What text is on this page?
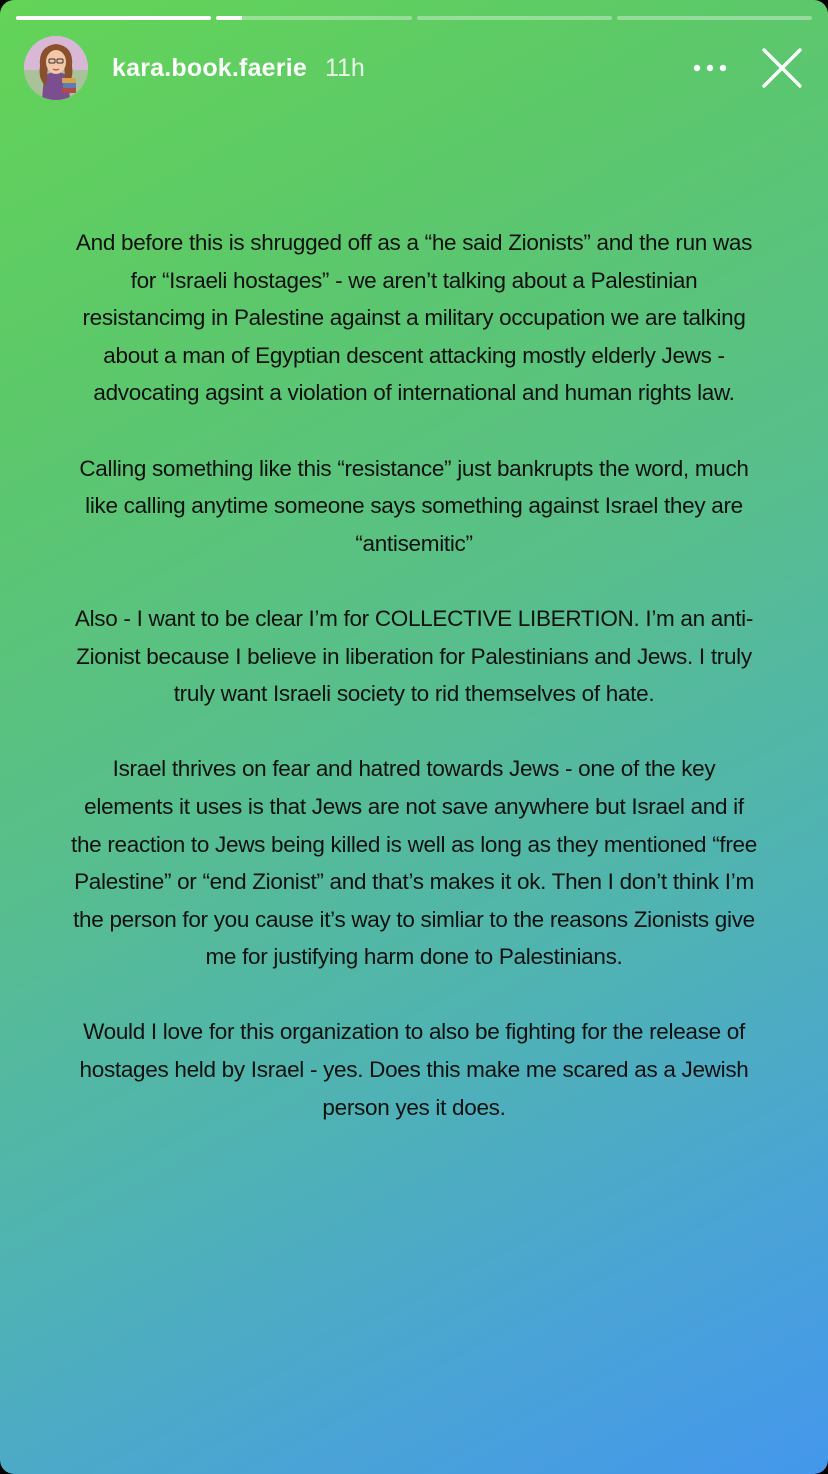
kara.book.faerie 11h

And before this is shrugged off as a “he said Zionists” and the run was for “Israeli hostages” - we aren’t talking about a Palestinian resistancimg in Palestine against a military occupation we are talking about a man of Egyptian descent attacking mostly elderly Jews - advocating agsint a violation of international and human rights law.

Calling something like this “resistance” just bankrupts the word, much like calling anytime someone says something against Israel they are “antisemitic”

Also - I want to be clear I’m for COLLECTIVE LIBERTION. I’m an anti-Zionist because I believe in liberation for Palestinians and Jews. I truly truly want Israeli society to rid themselves of hate.

Israel thrives on fear and hatred towards Jews - one of the key elements it uses is that Jews are not save anywhere but Israel and if the reaction to Jews being killed is well as long as they mentioned “free Palestine” or “end Zionist” and that’s makes it ok. Then I don’t think I’m the person for you cause it’s way to simliar to the reasons Zionists give me for justifying harm done to Palestinians.

Would I love for this organization to also be fighting for the release of hostages held by Israel - yes. Does this make me scared as a Jewish person yes it does.
